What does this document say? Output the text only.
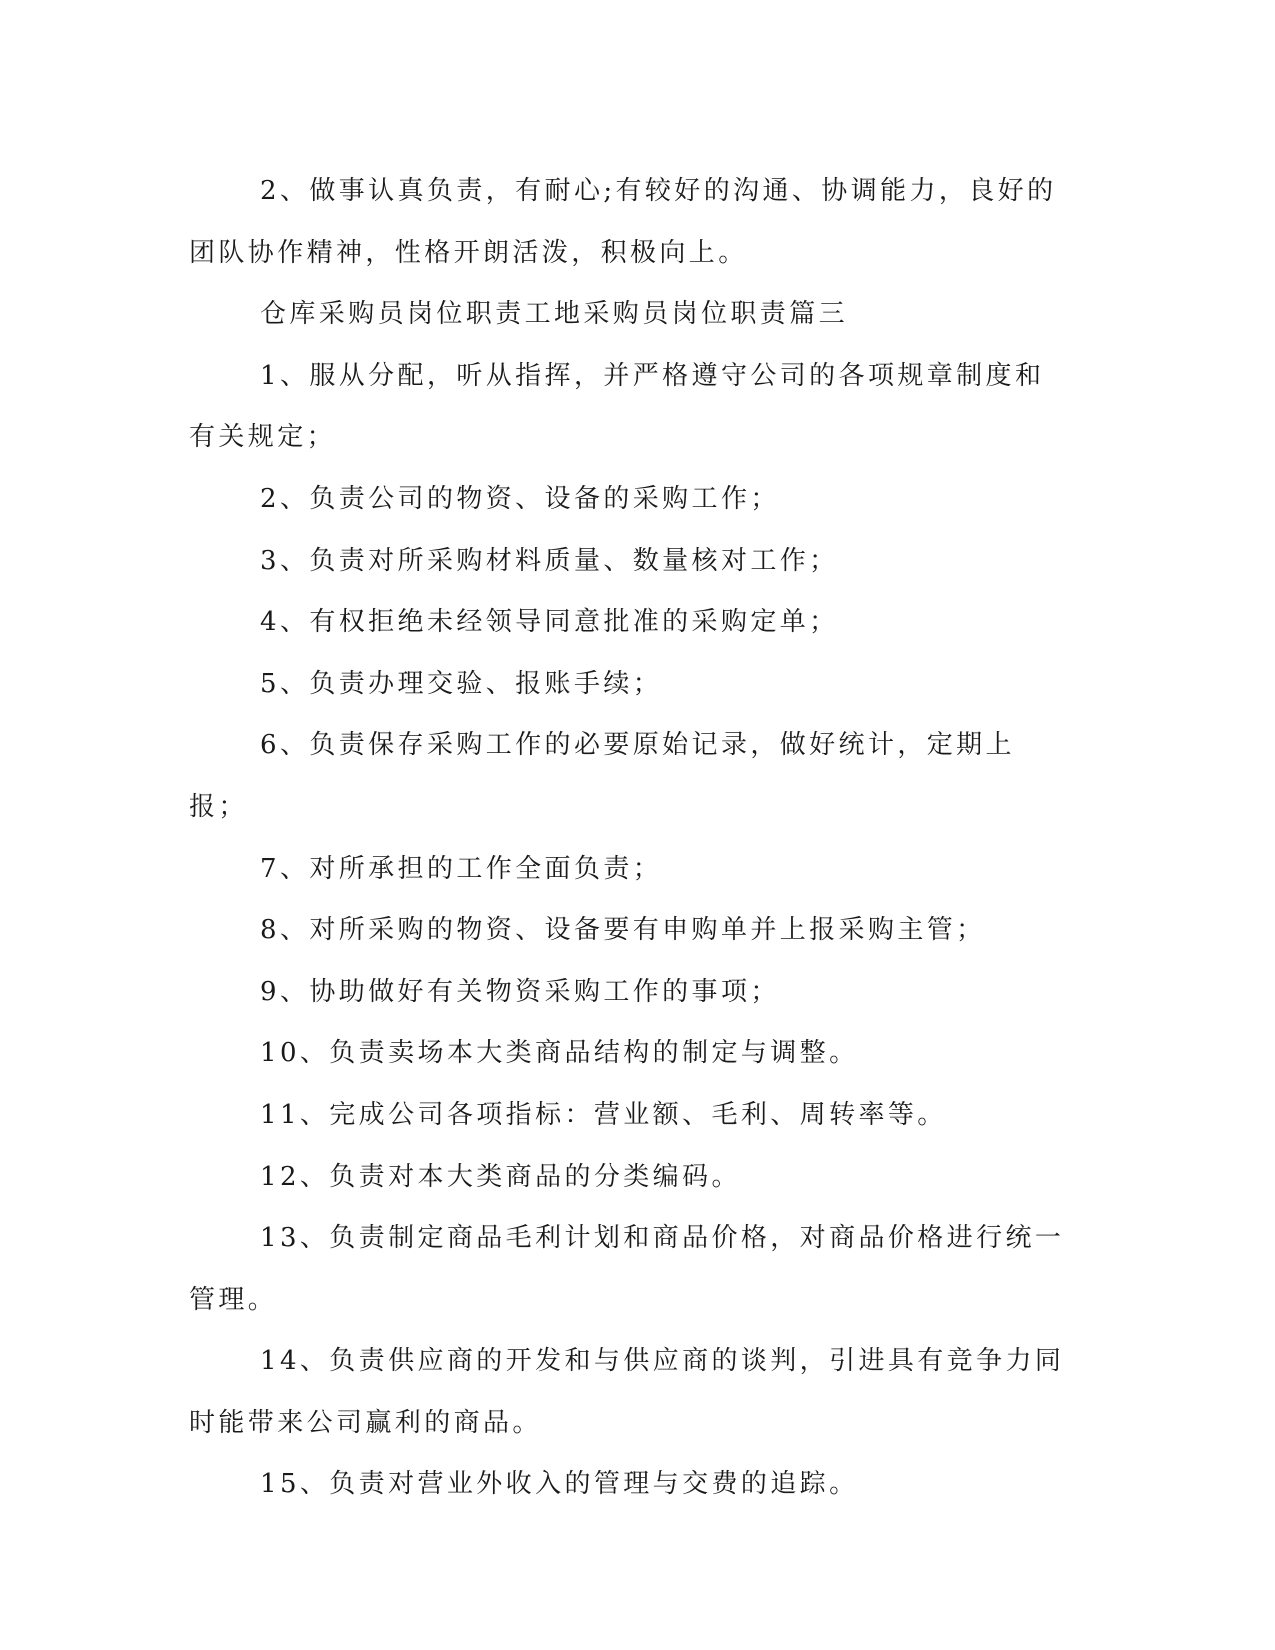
2、做事认真负责，有耐心;有较好的沟通、协调能力，良好的团队协作精神，性格开朗活泼，积极向上。

仓库采购员岗位职责工地采购员岗位职责篇三

1、服从分配，听从指挥，并严格遵守公司的各项规章制度和有关规定；

2、负责公司的物资、设备的采购工作；

3、负责对所采购材料质量、数量核对工作；

4、有权拒绝未经领导同意批准的采购定单；

5、负责办理交验、报账手续；

6、负责保存采购工作的必要原始记录，做好统计，定期上报；

7、对所承担的工作全面负责；

8、对所采购的物资、设备要有申购单并上报采购主管；

9、协助做好有关物资采购工作的事项；

10、负责卖场本大类商品结构的制定与调整。

11、完成公司各项指标：营业额、毛利、周转率等。

12、负责对本大类商品的分类编码。

13、负责制定商品毛利计划和商品价格，对商品价格进行统一管理。

14、负责供应商的开发和与供应商的谈判，引进具有竞争力同时能带来公司赢利的商品。

15、负责对营业外收入的管理与交费的追踪。
